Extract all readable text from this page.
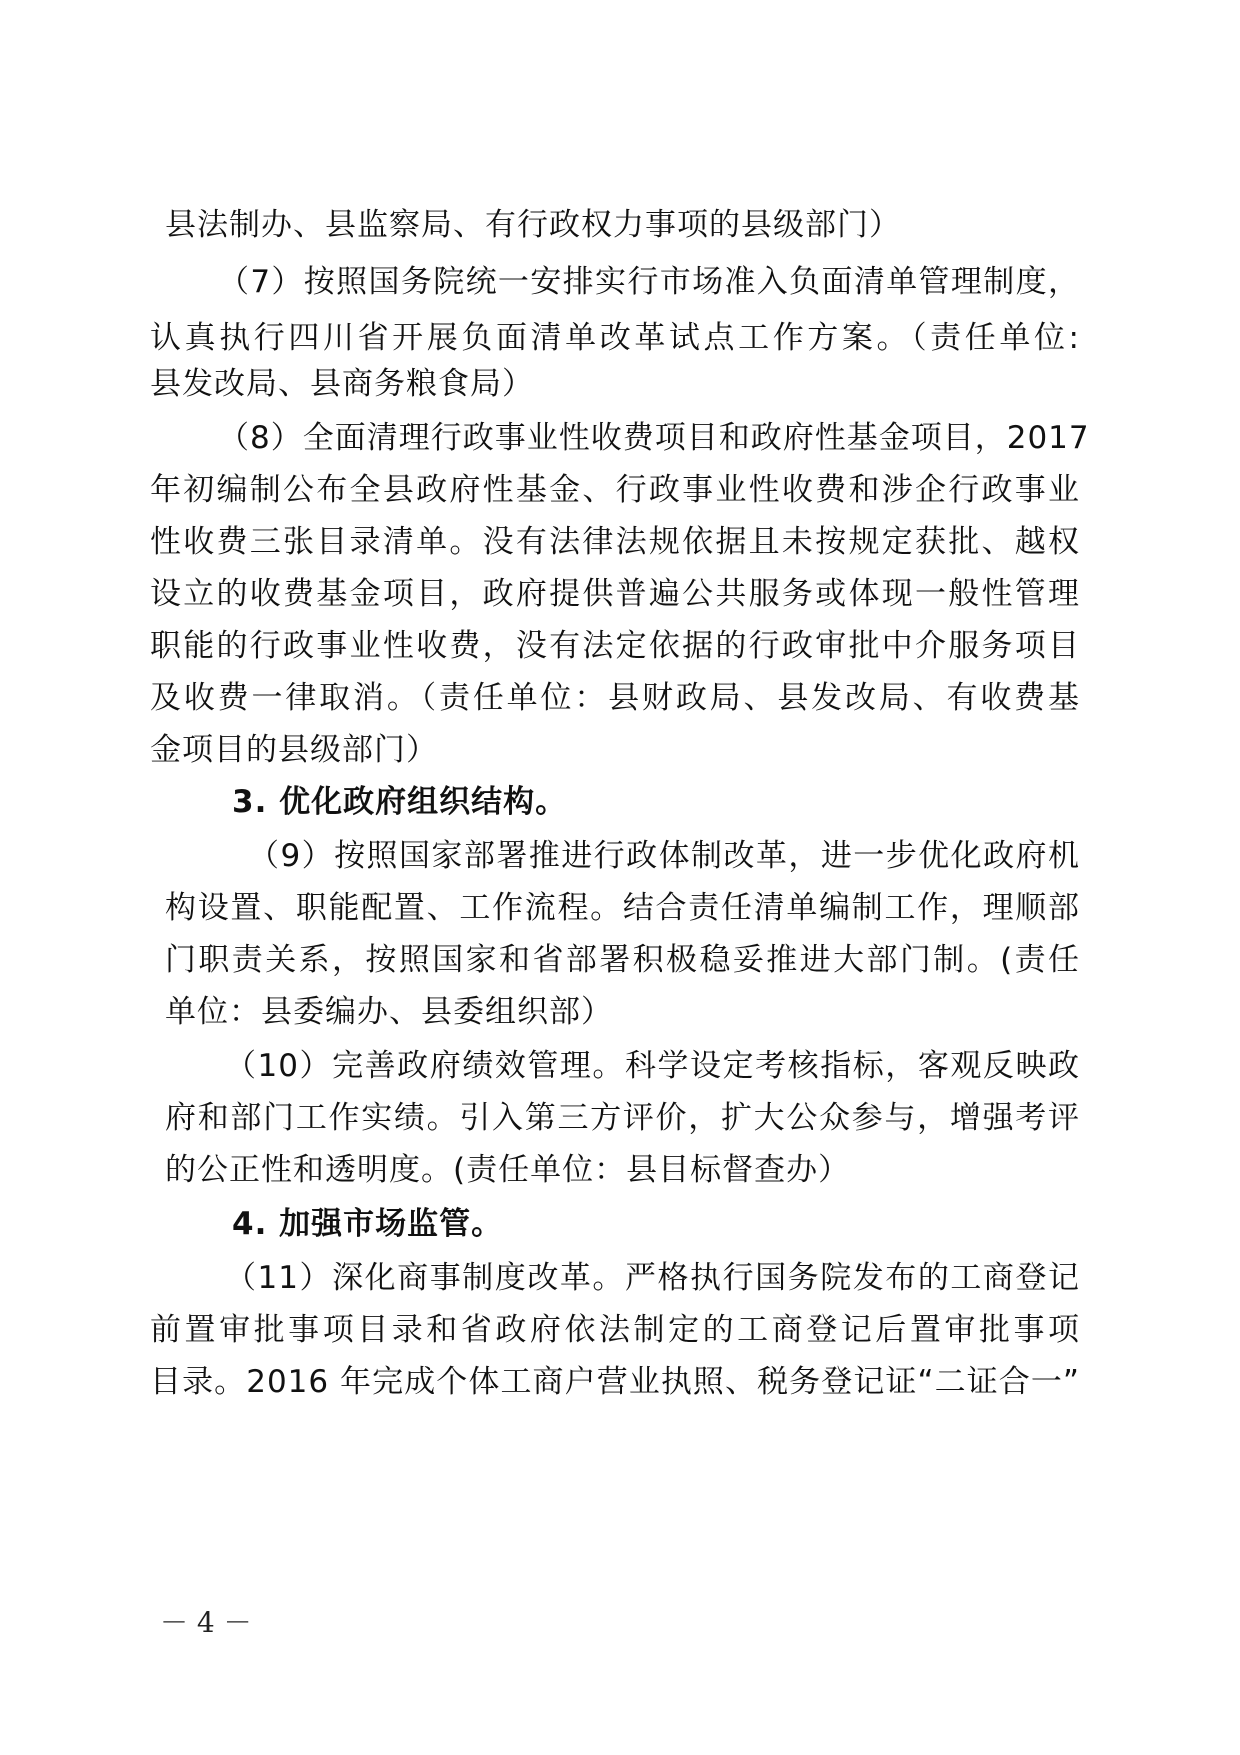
县法制办、县监察局、有行政权力事项的县级部门）
（7）按照国务院统一安排实行市场准入负面清单管理制度，
认真执行四川省开展负面清单改革试点工作方案。（责任单位:
县发改局、县商务粮食局）
（8）全面清理行政事业性收费项目和政府性基金项目，2017
年初编制公布全县政府性基金、行政事业性收费和涉企行政事业
性收费三张目录清单。没有法律法规依据且未按规定获批、越权
设立的收费基金项目，政府提供普遍公共服务或体现一般性管理
职能的行政事业性收费，没有法定依据的行政审批中介服务项目
及收费一律取消。（责任单位：县财政局、县发改局、有收费基
金项目的县级部门）
3. 优化政府组织结构。
（9）按照国家部署推进行政体制改革，进一步优化政府机
构设置、职能配置、工作流程。结合责任清单编制工作，理顺部
门职责关系，按照国家和省部署积极稳妥推进大部门制。(责任
单位：县委编办、县委组织部）
（10）完善政府绩效管理。科学设定考核指标，客观反映政
府和部门工作实绩。引入第三方评价，扩大公众参与，增强考评
的公正性和透明度。(责任单位：县目标督查办）
4. 加强市场监管。
（11）深化商事制度改革。严格执行国务院发布的工商登记
前置审批事项目录和省政府依法制定的工商登记后置审批事项
目录。2016 年完成个体工商户营业执照、税务登记证“二证合一”
－ 4 －
